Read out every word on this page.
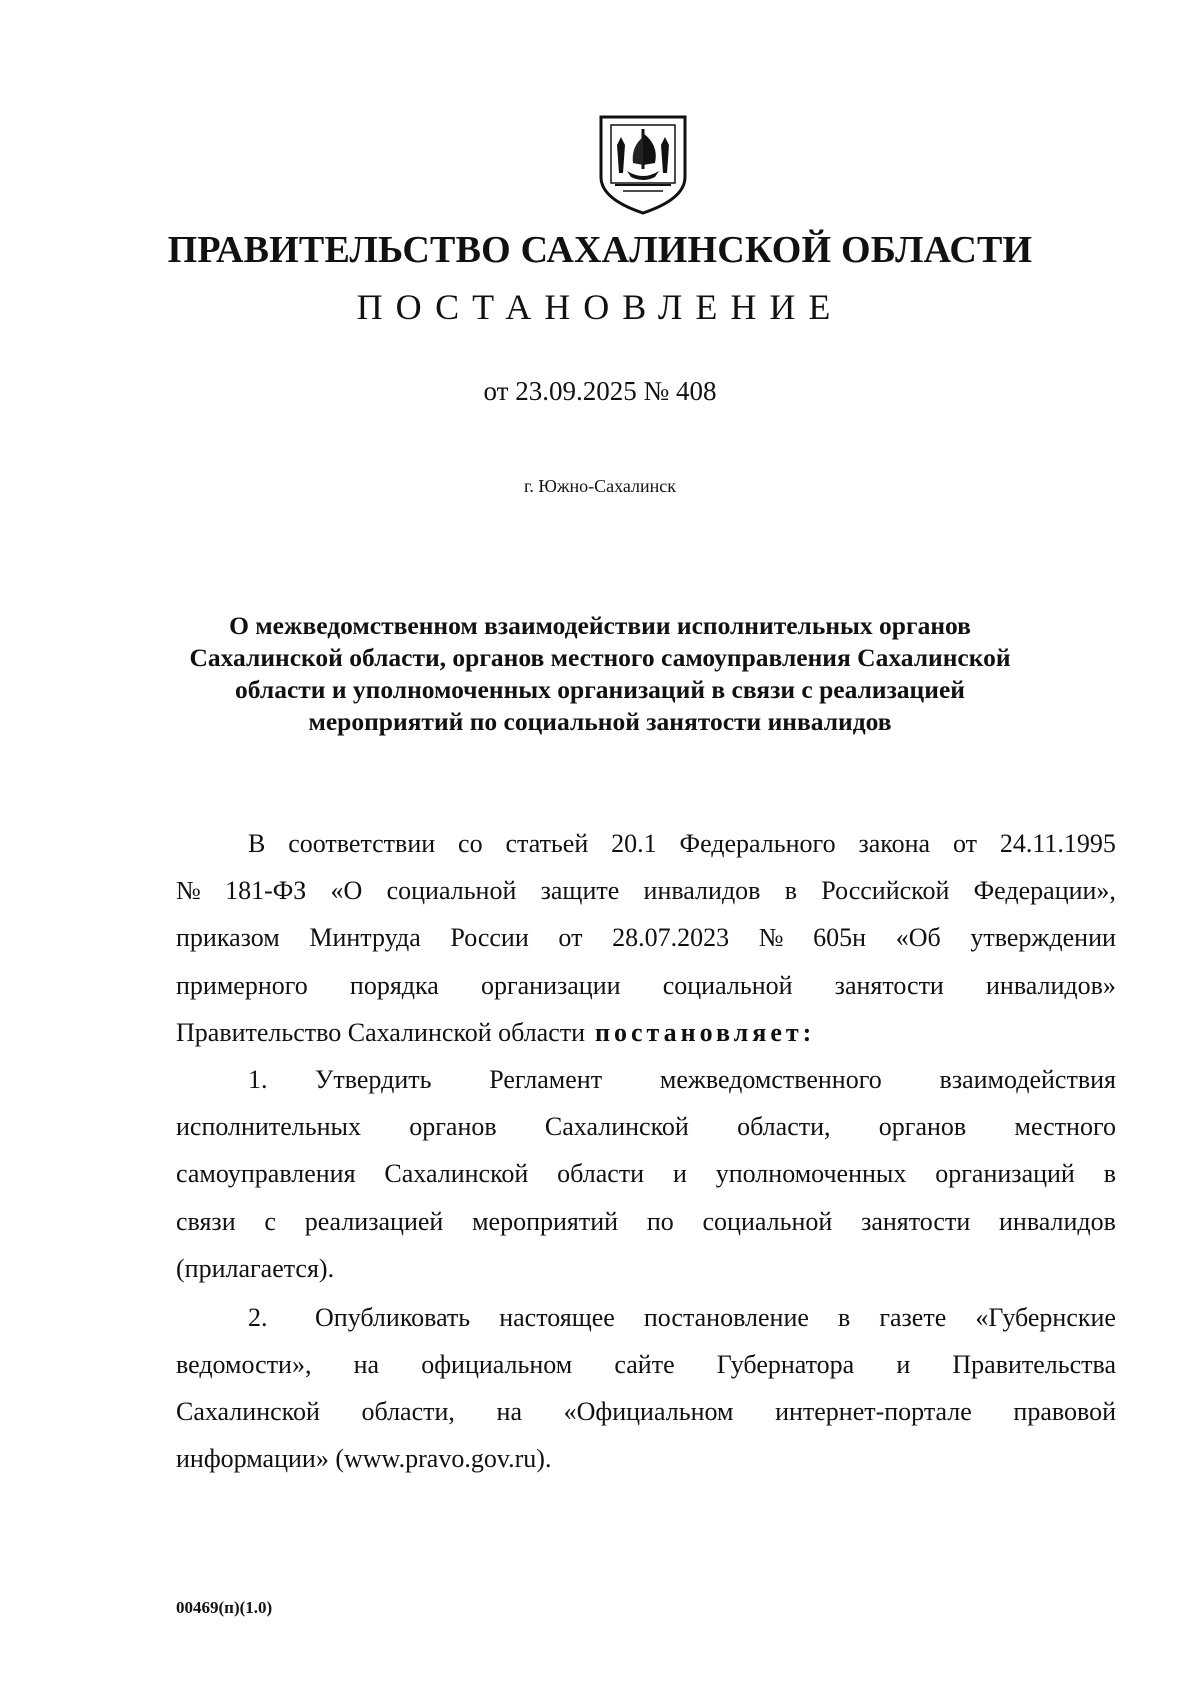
ПРАВИТЕЛЬСТВО САХАЛИНСКОЙ ОБЛАСТИ
ПОСТАНОВЛЕНИЕ
от 23.09.2025 № 408
г. Южно-Сахалинск
О межведомственном взаимодействии исполнительных органов
Сахалинской области, органов местного самоуправления Сахалинской
области и уполномоченных организаций в связи с реализацией
мероприятий по социальной занятости инвалидов
В соответствии со статьей 20.1 Федерального закона от 24.11.1995
№ 181-ФЗ «О социальной защите инвалидов в Российской Федерации»,
приказом Минтруда России от 28.07.2023 № 605н «Об утверждении
примерного порядка организации социальной занятости инвалидов»
Правительство Сахалинской области постановляет:
1.	Утвердить Регламент межведомственного взаимодействия
исполнительных органов Сахалинской области, органов местного
самоуправления Сахалинской области и уполномоченных организаций в
связи с реализацией мероприятий по социальной занятости инвалидов
(прилагается).
2.	Опубликовать настоящее постановление в газете «Губернские
ведомости», на официальном сайте Губернатора и Правительства
Сахалинской области, на «Официальном интернет-портале правовой
информации» (www.pravo.gov.ru).
00469(п)(1.0)
